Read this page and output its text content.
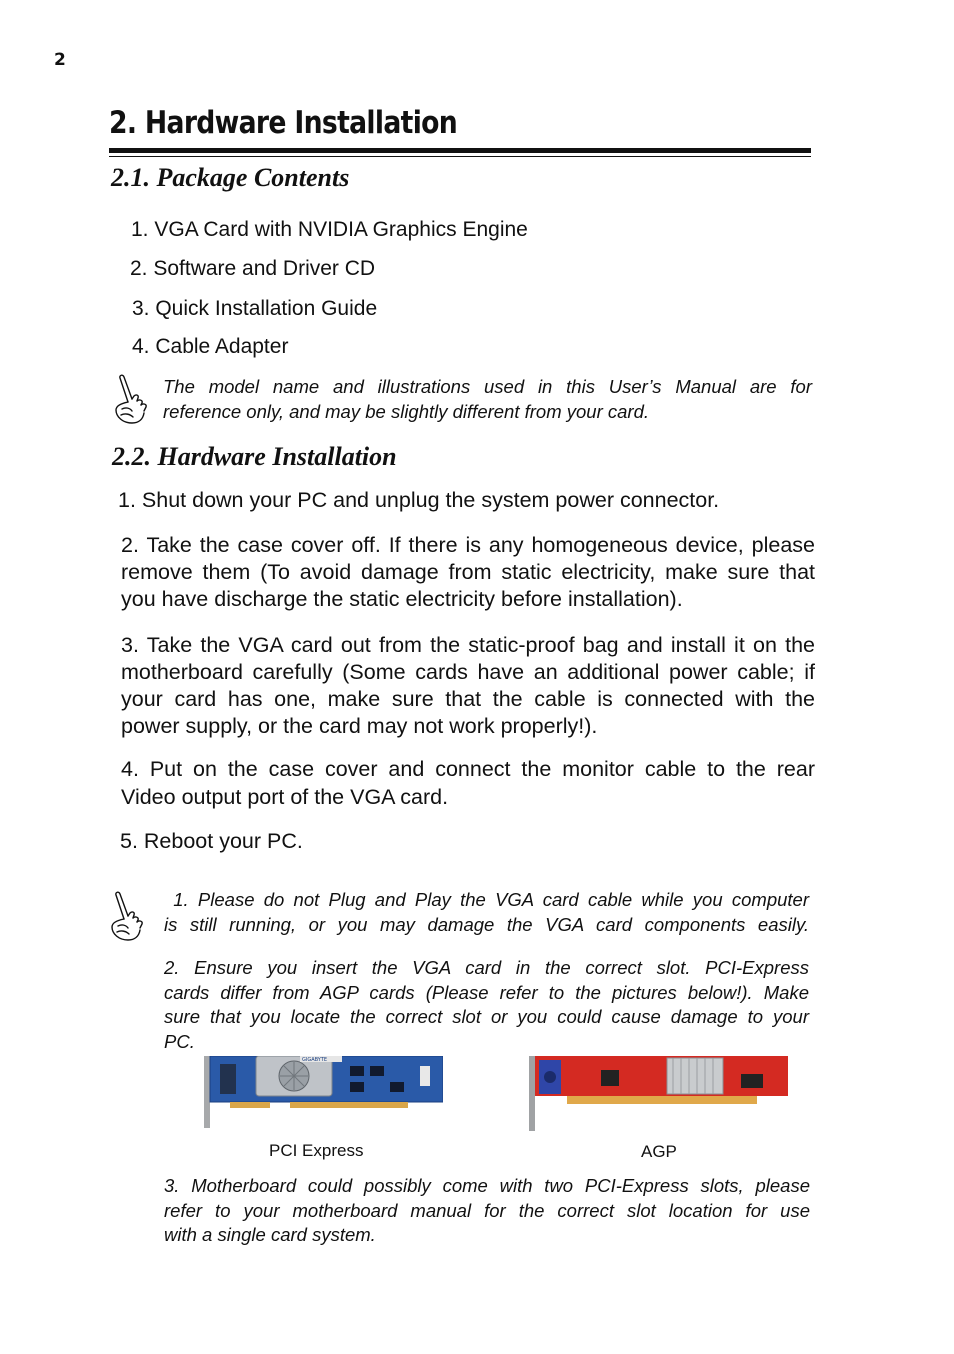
2
2. Hardware Installation
2.1. Package Contents
1. VGA Card with NVIDIA Graphics Engine
2. Software and Driver CD
3. Quick Installation Guide
4. Cable Adapter
The model name and illustrations used in this User’s Manual are for
reference only, and may be slightly different from your card.
2.2. Hardware Installation
1. Shut down your PC and unplug the system power connector.
2. Take the case cover off. If there is any homogeneous device, please
remove them (To avoid damage from static electricity, make sure that
you have discharge the static electricity before installation).
3. Take the VGA card out from the static-proof bag and install it on the
motherboard carefully (Some cards have an additional power cable; if
your card has one, make sure that the cable is connected with the
power supply, or the card may not work properly!).
4. Put on the case cover and connect the monitor cable to the rear
Video output port of the VGA card.
5. Reboot your PC.
1. Please do not Plug and Play the VGA card cable while you computer
is still running, or you may damage the VGA card components easily.
2. Ensure you insert the VGA card in the correct slot. PCI-Express
cards differ from AGP cards (Please refer to the pictures below!). Make
sure that you locate the correct slot or you could cause damage to your
PC.
GIGABYTE
PCI Express	AGP
3. Motherboard could possibly come with two PCI-Express slots, please
refer to your motherboard manual for the correct slot location for use
with a single card system.
